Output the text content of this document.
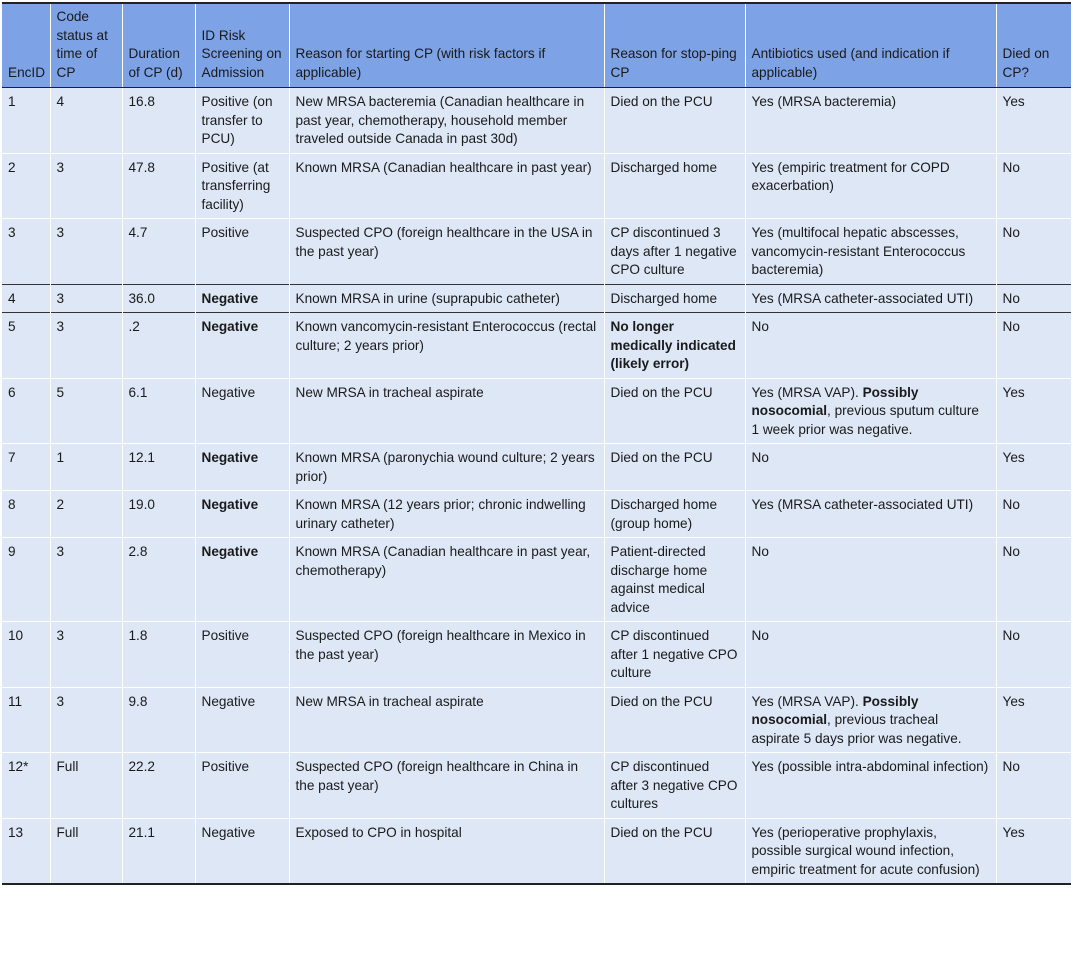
EncID	Code status at time of CP	Duration of CP (d)	ID Risk Screening on Admission	Reason for starting CP (with risk factors if applicable)	Reason for stop-ping CP	Antibiotics used (and indication if applicable)	Died on CP?
1	4	16.8	Positive (on transfer to PCU)	New MRSA bacteremia (Canadian healthcare in past year, chemotherapy, household member traveled outside Canada in past 30d)	Died on the PCU	Yes (MRSA bacteremia)	Yes
2	3	47.8	Positive (at transferring facility)	Known MRSA (Canadian healthcare in past year)	Discharged home	Yes (empiric treatment for COPD exacerbation)	No
3	3	4.7	Positive	Suspected CPO (foreign healthcare in the USA in the past year)	CP discontinued 3 days after 1 negative CPO culture	Yes (multifocal hepatic abscesses, vancomycin-resistant Enterococcus bacteremia)	No
4	3	36.0	Negative	Known MRSA in urine (suprapubic catheter)	Discharged home	Yes (MRSA catheter-associated UTI)	No
5	3	.2	Negative	Known vancomycin-resistant Enterococcus (rectal culture; 2 years prior)	No longer medically indicated (likely error)	No	No
6	5	6.1	Negative	New MRSA in tracheal aspirate	Died on the PCU	Yes (MRSA VAP). Possibly nosocomial, previous sputum culture 1 week prior was negative.	Yes
7	1	12.1	Negative	Known MRSA (paronychia wound culture; 2 years prior)	Died on the PCU	No	Yes
8	2	19.0	Negative	Known MRSA (12 years prior; chronic indwelling urinary catheter)	Discharged home (group home)	Yes (MRSA catheter-associated UTI)	No
9	3	2.8	Negative	Known MRSA (Canadian healthcare in past year, chemotherapy)	Patient-directed discharge home against medical advice	No	No
10	3	1.8	Positive	Suspected CPO (foreign healthcare in Mexico in the past year)	CP discontinued after 1 negative CPO culture	No	No
11	3	9.8	Negative	New MRSA in tracheal aspirate	Died on the PCU	Yes (MRSA VAP). Possibly nosocomial, previous tracheal aspirate 5 days prior was negative.	Yes
12*	Full	22.2	Positive	Suspected CPO (foreign healthcare in China in the past year)	CP discontinued after 3 negative CPO cultures	Yes (possible intra-abdominal infection)	No
13	Full	21.1	Negative	Exposed to CPO in hospital	Died on the PCU	Yes (perioperative prophylaxis, possible surgical wound infection, empiric treatment for acute confusion)	Yes
